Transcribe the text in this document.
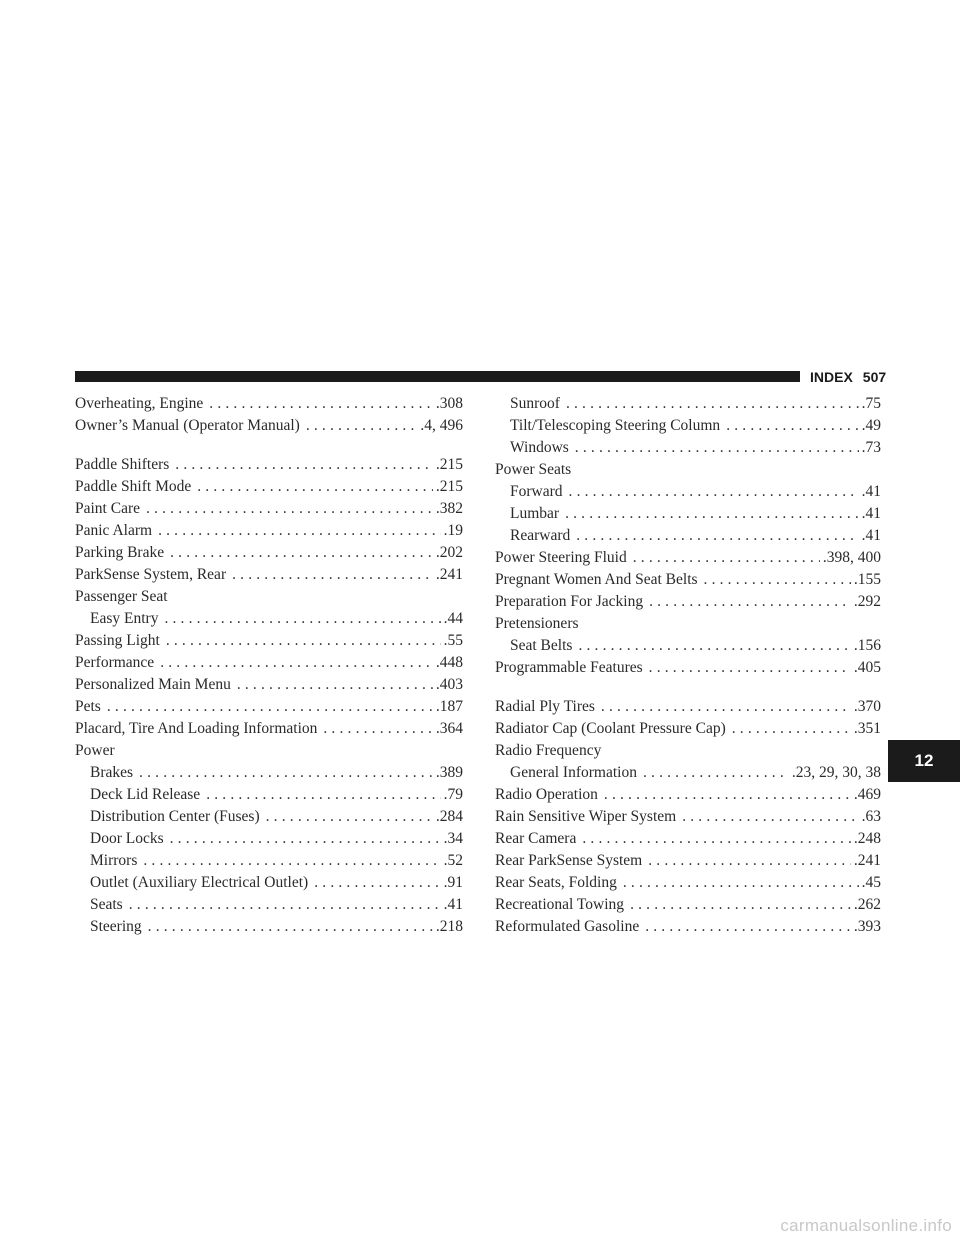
INDEX 507
Overheating, Engine . . .	.308
Owner’s Manual (Operator Manual) . . .	.4, 496
Paddle Shifters . . .	.215
Paddle Shift Mode . . .	.215
Paint Care . . .	.382
Panic Alarm . . .	.19
Parking Brake . . .	.202
ParkSense System, Rear . . .	.241
Passenger Seat
Easy Entry . . .	.44
Passing Light . . .	.55
Performance . . .	.448
Personalized Main Menu . . .	.403
Pets . . .	.187
Placard, Tire And Loading Information . . .	.364
Power
Brakes . . .	.389
Deck Lid Release . . .	.79
Distribution Center (Fuses) . . .	.284
Door Locks . . .	.34
Mirrors . . .	.52
Outlet (Auxiliary Electrical Outlet) . . .	.91
Seats . . .	.41
Steering . . .	.218
Sunroof . . .	.75
Tilt/Telescoping Steering Column . . .	.49
Windows . . .	.73
Power Seats
Forward . . .	.41
Lumbar . . .	.41
Rearward . . .	.41
Power Steering Fluid . . .	.398, 400
Pregnant Women And Seat Belts . . .	.155
Preparation For Jacking . . .	.292
Pretensioners
Seat Belts . . .	.156
Programmable Features . . .	.405
Radial Ply Tires . . .	.370
Radiator Cap (Coolant Pressure Cap) . . .	.351
Radio Frequency
General Information . . .	.23, 29, 30, 38
Radio Operation . . .	.469
Rain Sensitive Wiper System . . .	.63
Rear Camera . . .	.248
Rear ParkSense System . . .	.241
Rear Seats, Folding . . .	.45
Recreational Towing . . .	.262
Reformulated Gasoline . . .	.393
12
carmanualsonline.info
